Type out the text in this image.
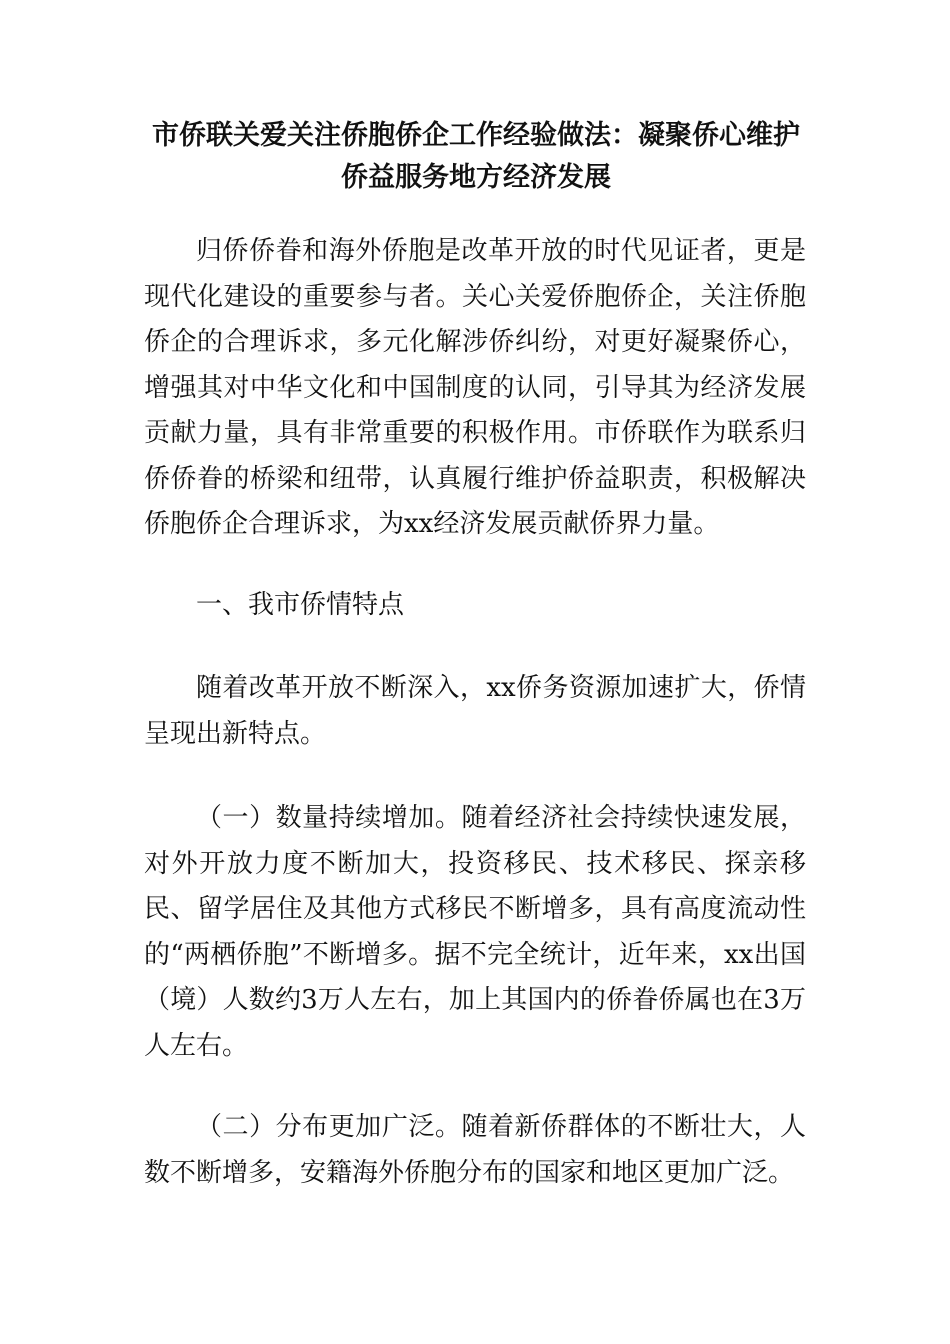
市侨联关爱关注侨胞侨企工作经验做法：凝聚侨心维护侨益服务地方经济发展
归侨侨眷和海外侨胞是改革开放的时代见证者，更是现代化建设的重要参与者。关心关爱侨胞侨企，关注侨胞侨企的合理诉求，多元化解涉侨纠纷，对更好凝聚侨心，增强其对中华文化和中国制度的认同，引导其为经济发展贡献力量，具有非常重要的积极作用。市侨联作为联系归侨侨眷的桥梁和纽带，认真履行维护侨益职责，积极解决侨胞侨企合理诉求，为xx经济发展贡献侨界力量。
一、我市侨情特点
随着改革开放不断深入，xx侨务资源加速扩大，侨情呈现出新特点。
（一）数量持续增加。随着经济社会持续快速发展，对外开放力度不断加大，投资移民、技术移民、探亲移民、留学居住及其他方式移民不断增多，具有高度流动性的“两栖侨胞”不断增多。据不完全统计，近年来，xx出国（境）人数约3万人左右，加上其国内的侨眷侨属也在3万人左右。
（二）分布更加广泛。随着新侨群体的不断壮大，人数不断增多，安籍海外侨胞分布的国家和地区更加广泛。
